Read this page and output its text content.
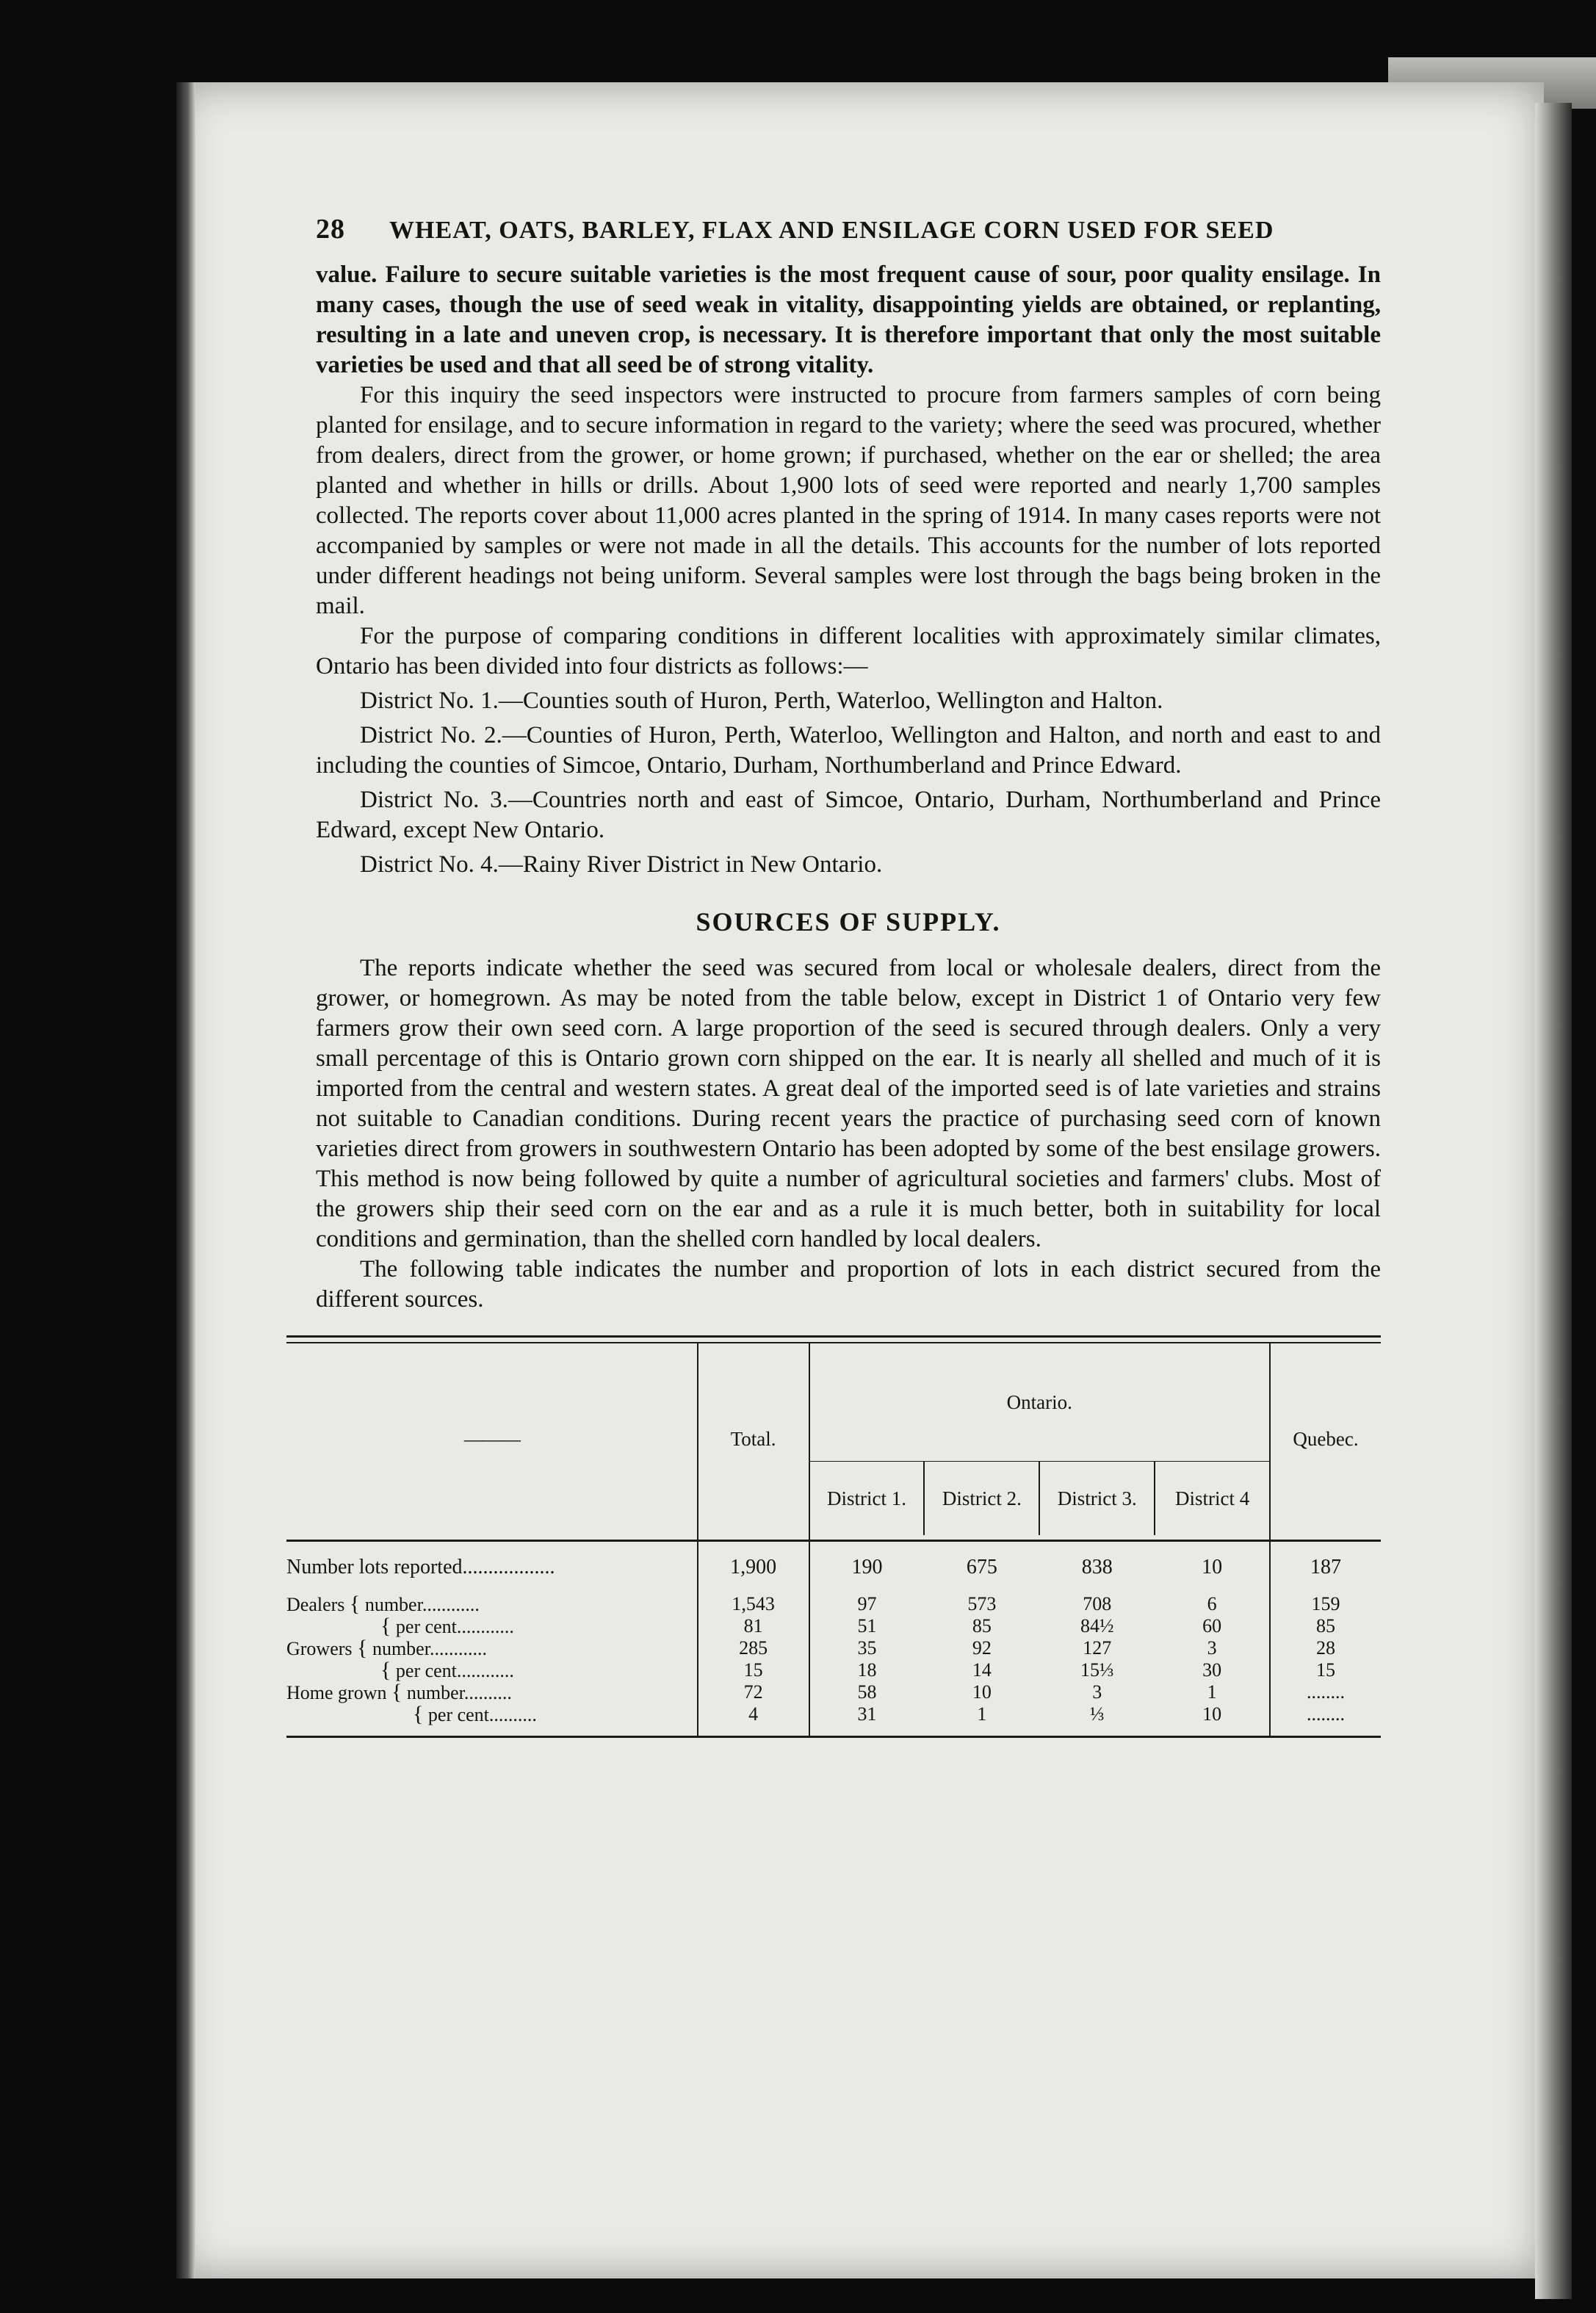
28 WHEAT, OATS, BARLEY, FLAX AND ENSILAGE CORN USED FOR SEED

value. Failure to secure suitable varieties is the most frequent cause of sour, poor quality ensilage. In many cases, though the use of seed weak in vitality, disappointing yields are obtained, or replanting, resulting in a late and uneven crop, is necessary. It is therefore important that only the most suitable varieties be used and that all seed be of strong vitality.

For this inquiry the seed inspectors were instructed to procure from farmers samples of corn being planted for ensilage, and to secure information in regard to the variety; where the seed was procured, whether from dealers, direct from the grower, or home grown; if purchased, whether on the ear or shelled; the area planted and whether in hills or drills. About 1,900 lots of seed were reported and nearly 1,700 samples collected. The reports cover about 11,000 acres planted in the spring of 1914. In many cases reports were not accompanied by samples or were not made in all the details. This accounts for the number of lots reported under different headings not being uniform. Several samples were lost through the bags being broken in the mail.

For the purpose of comparing conditions in different localities with approximately similar climates, Ontario has been divided into four districts as follows:—

District No. 1.—Counties south of Huron, Perth, Waterloo, Wellington and Halton.

District No. 2.—Counties of Huron, Perth, Waterloo, Wellington and Halton, and north and east to and including the counties of Simcoe, Ontario, Durham, Northumberland and Prince Edward.

District No. 3.—Countries north and east of Simcoe, Ontario, Durham, Northumberland and Prince Edward, except New Ontario.

District No. 4.—Rainy River District in New Ontario.

SOURCES OF SUPPLY.

The reports indicate whether the seed was secured from local or wholesale dealers, direct from the grower, or homegrown. As may be noted from the table below, except in District 1 of Ontario very few farmers grow their own seed corn. A large proportion of the seed is secured through dealers. Only a very small percentage of this is Ontario grown corn shipped on the ear. It is nearly all shelled and much of it is imported from the central and western states. A great deal of the imported seed is of late varieties and strains not suitable to Canadian conditions. During recent years the practice of purchasing seed corn of known varieties direct from growers in southwestern Ontario has been adopted by some of the best ensilage growers. This method is now being followed by quite a number of agricultural societies and farmers' clubs. Most of the growers ship their seed corn on the ear and as a rule it is much better, both in suitability for local conditions and germination, than the shelled corn handled by local dealers.

The following table indicates the number and proportion of lots in each district secured from the different sources.

———	Total.	Ontario.				Quebec.
		District 1.	District 2.	District 3.	District 4	

Number lots reported..................	1,900	190	675	838	10	187
Dealers { number............	1,543	97	573	708	6	159
{ per cent............	81	51	85	84½	60	85
Growers { number............	285	35	92	127	3	28
{ per cent............	15	18	14	15⅓	30	15
Home grown { number..........	72	58	10	3	1	........
{ per cent..........	4	31	1	⅓	10	........
